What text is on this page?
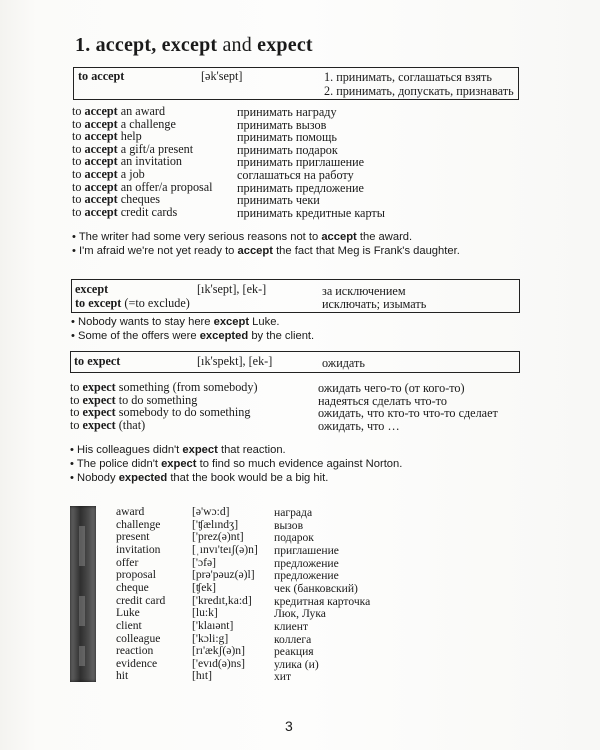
1. accept, except and expect
to accept	[ək'sept]	1. принимать, соглашаться взять
2. принимать, допускать, признавать
to accept an award	принимать награду
to accept a challenge	принимать вызов
to accept help	принимать помощь
to accept a gift/a present	принимать подарок
to accept an invitation	принимать приглашение
to accept a job	соглашаться на работу
to accept an offer/a proposal принимать предложение
to accept cheques	принимать чеки
to accept credit cards	принимать кредитные карты
• The writer had some very serious reasons not to accept the award.
• I'm afraid we're not yet ready to accept the fact that Meg is Frank's daughter.
except	[ık'sept], [ek-]	за исключением
to except (=to exclude)	исключать; изымать
• Nobody wants to stay here except Luke.
• Some of the offers were excepted by the client.
to expect	[ık'spekt], [ek-]	ожидать
to expect something (from somebody)	ожидать чего-то (от кого-то)
to expect to do something	надеяться сделать что-то
to expect somebody to do something	ожидать, что кто-то что-то сделает
to expect (that)	ожидать, что …
• His colleagues didn't expect that reaction.
• The police didn't expect to find so much evidence against Norton.
• Nobody expected that the book would be a big hit.
award	[ə'wɔ:d]	награда
challenge	['ʧælındʒ]	вызов
present	['prez(ə)nt]	подарок
invitation	[ˌınvı'teıʃ(ə)n] приглашение
offer	['ɔfə]	предложение
proposal	[prə'pəuz(ə)l] предложение
cheque	[ʧek]	чек (банковский)
credit card ['kredıt,ka:d] кредитная карточка
Luke	[lu:k]	Люк, Лука
client	['klaıənt]	клиент
colleague	['kɔli:g]	коллега
reaction	[rı'ækʃ(ə)n]	реакция
evidence	['evıd(ə)ns]	улика (и)
hit	[hıt]	хит
3
